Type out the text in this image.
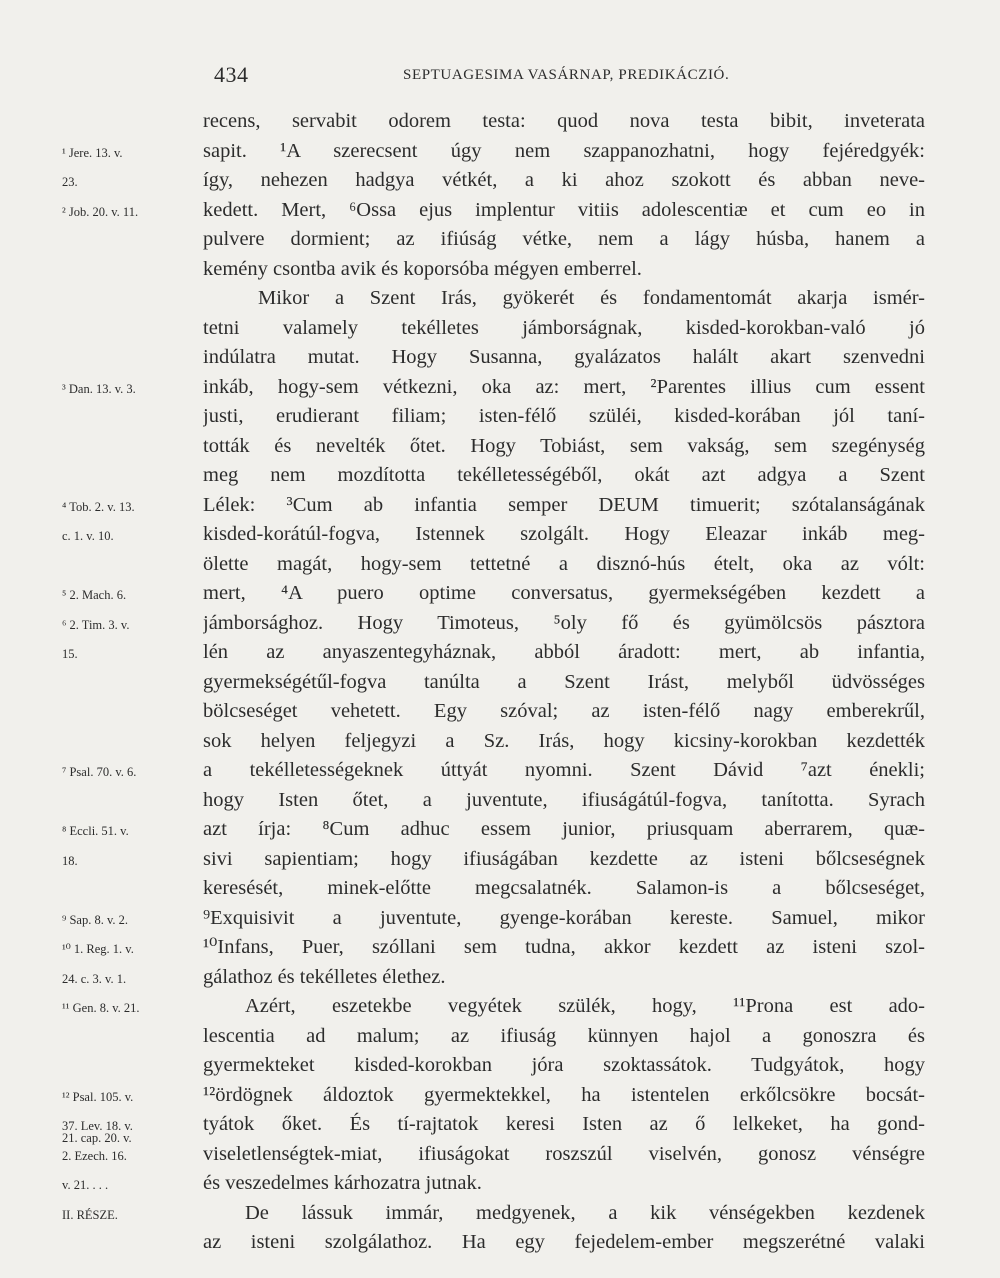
434	SEPTUAGESIMA VASÁRNAP, PREDIKÁCZIÓ.
recens, servabit odorem testa: quod nova testa bibit, inveterata
¹ Jere. 13. v.	sapit. ¹A szerecsent úgy nem szappanozhatni, hogy fejéredgyék:
23.	így, nehezen hadgya vétkét, a ki ahoz szokott és abban neve-
² Job. 20. v. 11.	kedett. Mert, ⁶Ossa ejus implentur vitiis adolescentiæ et cum eo in
pulvere dormient; az ifiúság vétke, nem a lágy húsba, hanem a
kemény csontba avik és koporsóba mégyen emberrel.
Mikor a Szent Irás, gyökerét és fondamentomát akarja ismér-
tetni valamely tekélletes jámborságnak, kisded-korokban-való jó
indúlatra mutat. Hogy Susanna, gyalázatos halált akart szenvedni
³ Dan. 13. v. 3.	inkáb, hogy-sem vétkezni, oka az: mert, ²Parentes illius cum essent
justi, erudierant filiam; isten-félő szüléi, kisded-korában jól taní-
tották és nevelték őtet. Hogy Tobiást, sem vakság, sem szegénység
meg nem mozdította tekélletességéből, okát azt adgya a Szent
⁴ Tob. 2. v. 13.	Lélek: ³Cum ab infantia semper DEUM timuerit; szótalanságának
c. 1. v. 10.	kisded-korátúl-fogva, Istennek szolgált. Hogy Eleazar inkáb meg-
ölette magát, hogy-sem tettetné a disznó-hús ételt, oka az vólt:
⁵ 2. Mach. 6.	mert, ⁴A puero optime conversatus, gyermekségében kezdett a
⁶ 2. Tim. 3. v.	jámborsághoz. Hogy Timoteus, ⁵oly fő és gyümölcsös pásztora
15.	lén az anyaszentegyháznak, abból áradott: mert, ab infantia,
gyermekségétűl-fogva tanúlta a Szent Irást, melyből üdvösséges
bölcseséget vehetett. Egy szóval; az isten-félő nagy emberekrűl,
sok helyen feljegyzi a Sz. Irás, hogy kicsiny-korokban kezdették
⁷ Psal. 70. v. 6.	a tekélletességeknek úttyát nyomni. Szent Dávid ⁷azt énekli;
hogy Isten őtet, a juventute, ifiuságátúl-fogva, tanította. Syrach
⁸ Eccli. 51. v.	azt írja: ⁸Cum adhuc essem junior, priusquam aberrarem, quæ-
18.	sivi sapientiam; hogy ifiuságában kezdette az isteni bőlcseségnek
keresését, minek-előtte megcsalatnék. Salamon-is a bőlcseséget,
⁹ Sap. 8. v. 2.	⁹Exquisivit a juventute, gyenge-korában kereste. Samuel, mikor
¹⁰ 1. Reg. 1. v.	¹⁰Infans, Puer, szóllani sem tudna, akkor kezdett az isteni szol-
24. c. 3. v. 1.	gálathoz és tekélletes élethez.
¹¹ Gen. 8. v. 21.	Azért, eszetekbe vegyétek szülék, hogy, ¹¹Prona est ado-
lescentia ad malum; az ifiuság künnyen hajol a gonoszra és
gyermekteket kisded-korokban jóra szoktassátok. Tudgyátok, hogy
¹² Psal. 105. v.	¹²ördögnek áldoztok gyermektekkel, ha istentelen erkőlcsökre bocsát-
37. Lev. 18. v.	tyátok őket. És tí-rajtatok keresi Isten az ő lelkeket, ha gond-
21. cap. 20. v.
2. Ezech. 16.	viseletlenségtek-miat, ifiuságokat roszszúl viselvén, gonosz vénségre
v. 21. . . .	és veszedelmes kárhozatra jutnak.
II. RÉSZE.	De lássuk immár, medgyenek, a kik vénségekben kezdenek
az isteni szolgálathoz. Ha egy fejedelem-ember megszerétné valaki
